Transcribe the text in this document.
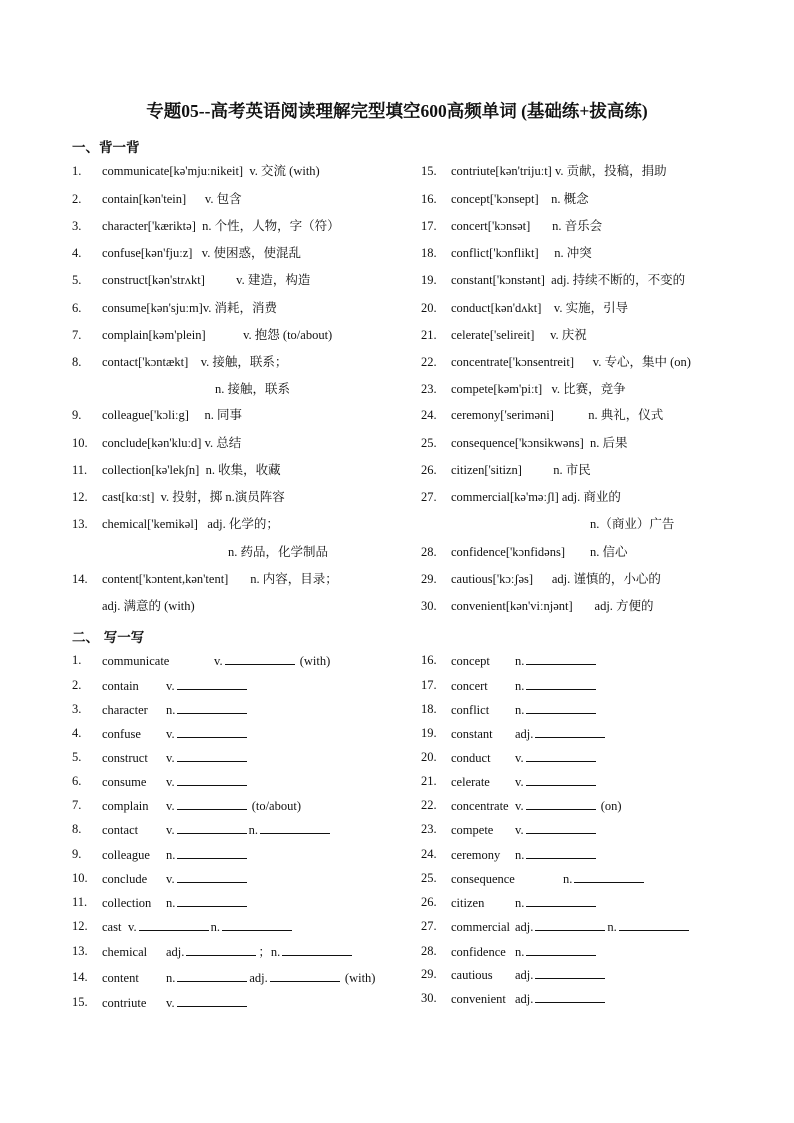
专题05--高考英语阅读理解完型填空600高频单词 (基础练+拔高练)
一、背一背
1.	communicate[kə'mjuːnikeit]  v. 交流 (with)
2.	contain[kən'tein]      v. 包含
3.	character['kæriktə]  n. 个性，人物，字（符）
4.	confuse[kən'fjuːz]   v. 使困惑，使混乱
5.	construct[kən'strʌkt]          v. 建造，构造
6.	consume[kən'sjuːm]v. 消耗，消费
7.	complain[kəm'plein]            v. 抱怨 (to/about)
8.	contact['kɔntækt]    v. 接触，联系；
n. 接触，联系
9.	colleague['kɔliːg]     n. 同事
10.	conclude[kən'kluːd] v. 总结
11.	collection[kə'lekʃn]  n. 收集，收藏
12.	cast[kɑːst]  v. 投射，掷 n.演员阵容
13.	chemical['kemikəl]   adj. 化学的；
n. 药品，化学制品
14.	content['kɔntent,kən'tent]       n. 内容，目录；
adj. 满意的 (with)
15.	contriute[kən'trijuːt] v. 贡献，投稿，捐助
16.	concept['kɔnsept]    n. 概念
17.	concert['kɔnsət]       n. 音乐会
18.	conflict['kɔnflikt]     n. 冲突
19.	constant['kɔnstənt]  adj. 持续不断的，不变的
20.	conduct[kən'dʌkt]    v. 实施，引导
21.	celerate['selireit]     v. 庆祝
22.	concentrate['kɔnsentreit]      v. 专心，集中 (on)
23.	compete[kəm'piːt]   v. 比赛，竞争
24.	ceremony['seriməni]           n. 典礼，仪式
25.	consequence['kɔnsikwəns]  n. 后果
26.	citizen['sitizn]          n. 市民
27.	commercial[kə'məːʃl] adj. 商业的
n.（商业）广告
28.	confidence['kɔnfidəns]        n. 信心
29.	cautious['kɔːʃəs]      adj. 谨慎的，小心的
30.	convenient[kən'viːnjənt]       adj. 方便的
二、 写一写
1.	communicate	v.	(with)
2.	contain v.
3.	character n.
4.	confuse v.
5.	construct v.
6.	consume v.
7.	complain v.	(to/about)
8.	contact v.	n.
9.	colleague n.
10.	conclude v.
11.	collection n.
12.	cast v.	n.
13.	chemical adj.	；n.
14.	content n.	adj.	(with)
15.	contriute v.
16.	concept n.
17.	concert n.
18.	conflict n.
19.	constant adj.
20.	conduct v.
21.	celerate v.
22.	concentrate v.	(on)
23.	compete v.
24.	ceremony n.
25.	consequence	n.
26.	citizen n.
27.	commercial adj.	n.
28.	confidence n.
29.	cautious adj.
30.	convenient adj.
